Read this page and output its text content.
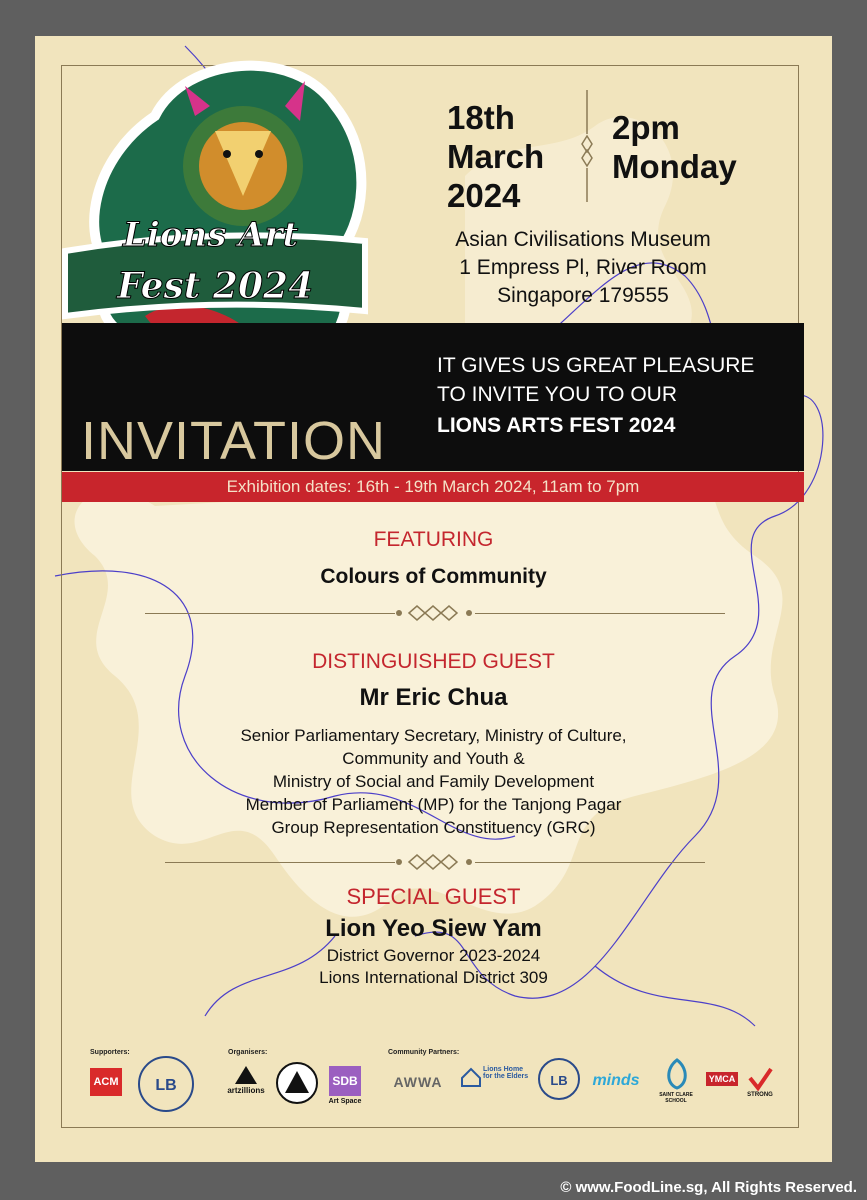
Lions Art
Fest 2024
18th
March
2024
2pm
Monday
Asian Civilisations Museum
1 Empress Pl, River Room
Singapore 179555
INVITATION
IT GIVES US GREAT PLEASURE
TO INVITE YOU TO OUR
LIONS ARTS FEST 2024
Exhibition dates: 16th - 19th March 2024, 11am to 7pm
FEATURING
Colours of Community
DISTINGUISHED GUEST
Mr Eric Chua
Senior Parliamentary Secretary, Ministry of Culture,
Community and Youth &
Ministry of Social and Family Development
Member of Parliament (MP) for the Tanjong Pagar
Group Representation Constituency (GRC)
SPECIAL GUEST
Lion Yeo Siew Yam
District Governor 2023-2024
Lions International District 309
Supporters:	Organisers:	Community Partners:
ACM	LB	artzillions
SDB
Art Space
AWWA
Lions Home for the Elders	LB	minds
SAINT CLARE SCHOOL
YMCA
STRONG
© www.FoodLine.sg, All Rights Reserved.
